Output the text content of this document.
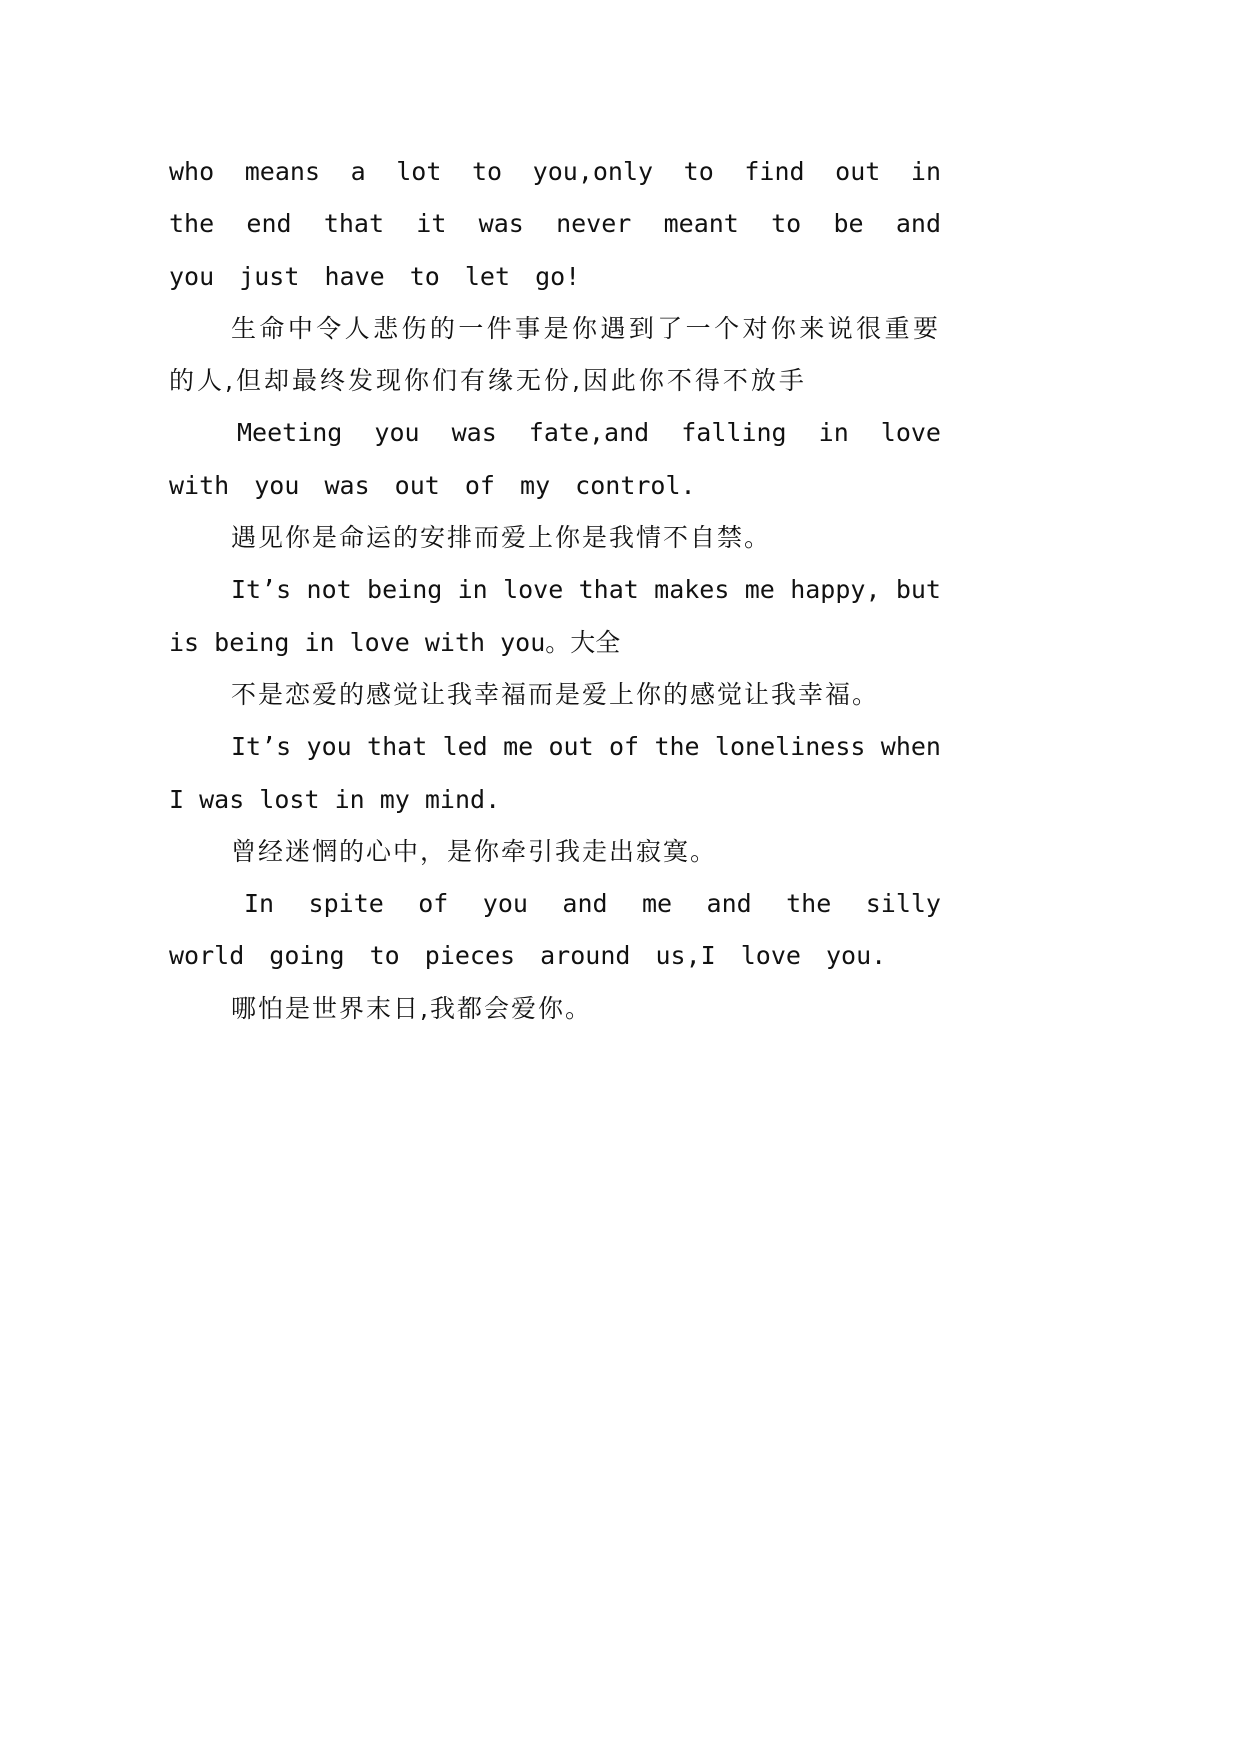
who means a lot to you,only to find out in the end that it was never meant to be and you just have to let go!

生命中令人悲伤的一件事是你遇到了一个对你来说很重要的人,但却最终发现你们有缘无份,因此你不得不放手

Meeting you was fate,and falling in love with you was out of my control.

遇见你是命运的安排而爱上你是我情不自禁。

It’s not being in love that makes me happy, but is being in love with you。大全

不是恋爱的感觉让我幸福而是爱上你的感觉让我幸福。

It’s you that led me out of the loneliness when I was lost in my mind.

曾经迷惘的心中，是你牵引我走出寂寞。

In spite of you and me and the silly world going to pieces around us,I love you.

哪怕是世界末日,我都会爱你。
